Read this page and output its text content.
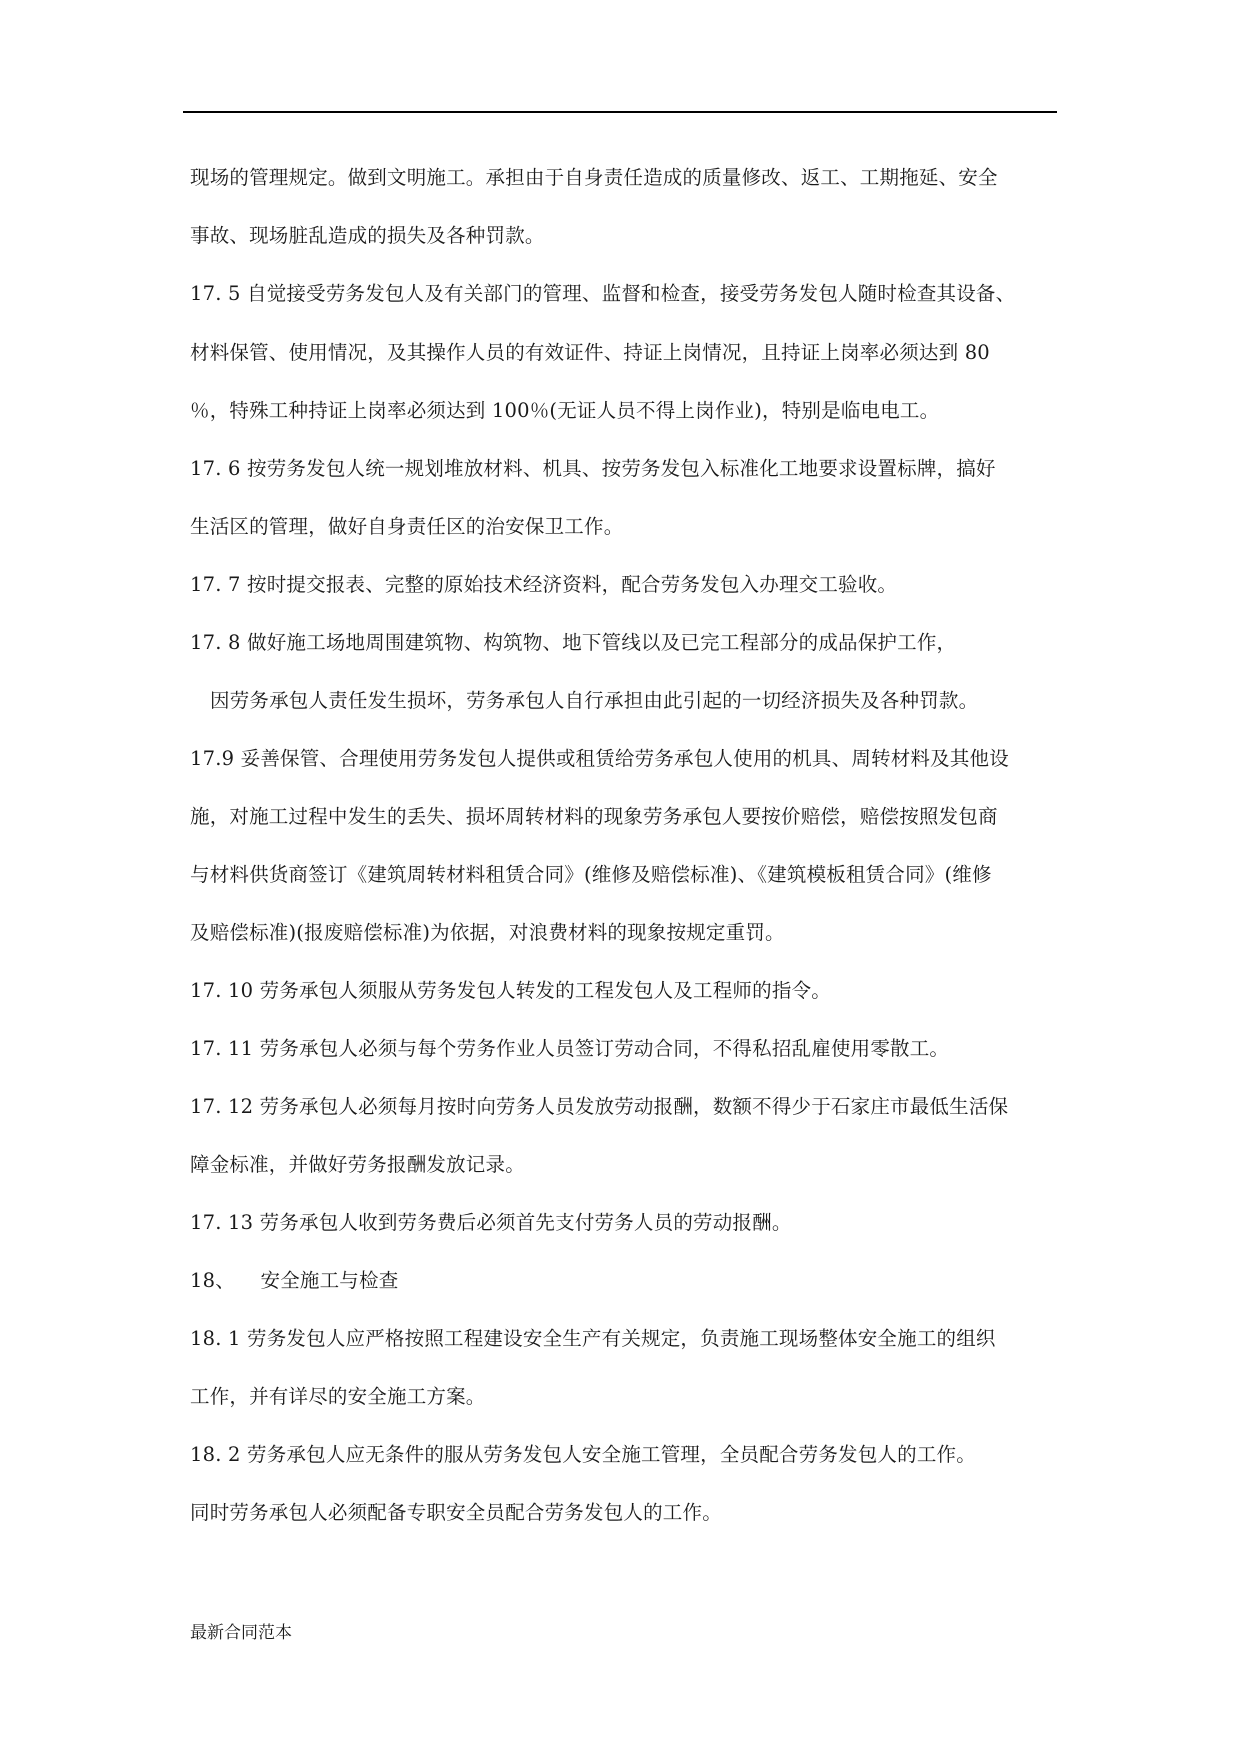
现场的管理规定。做到文明施工。承担由于自身责任造成的质量修改、返工、工期拖延、安全
事故、现场脏乱造成的损失及各种罚款。
17. 5 自觉接受劳务发包人及有关部门的管理、监督和检查，接受劳务发包人随时检查其设备、
材料保管、使用情况，及其操作人员的有效证件、持证上岗情况，且持证上岗率必须达到 80
％，特殊工种持证上岗率必须达到 100％(无证人员不得上岗作业)，特别是临电电工。
17. 6 按劳务发包人统一规划堆放材料、机具、按劳务发包入标准化工地要求设置标牌，搞好
生活区的管理，做好自身责任区的治安保卫工作。
17. 7 按时提交报表、完整的原始技术经济资料，配合劳务发包入办理交工验收。
17. 8 做好施工场地周围建筑物、构筑物、地下管线以及已完工程部分的成品保护工作，
因劳务承包人责任发生损坏，劳务承包人自行承担由此引起的一切经济损失及各种罚款。
17.9 妥善保管、合理使用劳务发包人提供或租赁给劳务承包人使用的机具、周转材料及其他设
施，对施工过程中发生的丢失、损坏周转材料的现象劳务承包人要按价赔偿，赔偿按照发包商
与材料供货商签订《建筑周转材料租赁合同》(维修及赔偿标准)、《建筑模板租赁合同》(维修
及赔偿标准)(报废赔偿标准)为依据，对浪费材料的现象按规定重罚。
17. 10 劳务承包人须服从劳务发包人转发的工程发包人及工程师的指令。
17. 11 劳务承包人必须与每个劳务作业人员签订劳动合同，不得私招乱雇使用零散工。
17. 12 劳务承包人必须每月按时向劳务人员发放劳动报酬，数额不得少于石家庄市最低生活保
障金标准，并做好劳务报酬发放记录。
17. 13 劳务承包人收到劳务费后必须首先支付劳务人员的劳动报酬。
18、    安全施工与检查
18. 1 劳务发包人应严格按照工程建设安全生产有关规定，负责施工现场整体安全施工的组织
工作，并有详尽的安全施工方案。
18. 2 劳务承包人应无条件的服从劳务发包人安全施工管理，全员配合劳务发包人的工作。
同时劳务承包人必须配备专职安全员配合劳务发包人的工作。
最新合同范本
